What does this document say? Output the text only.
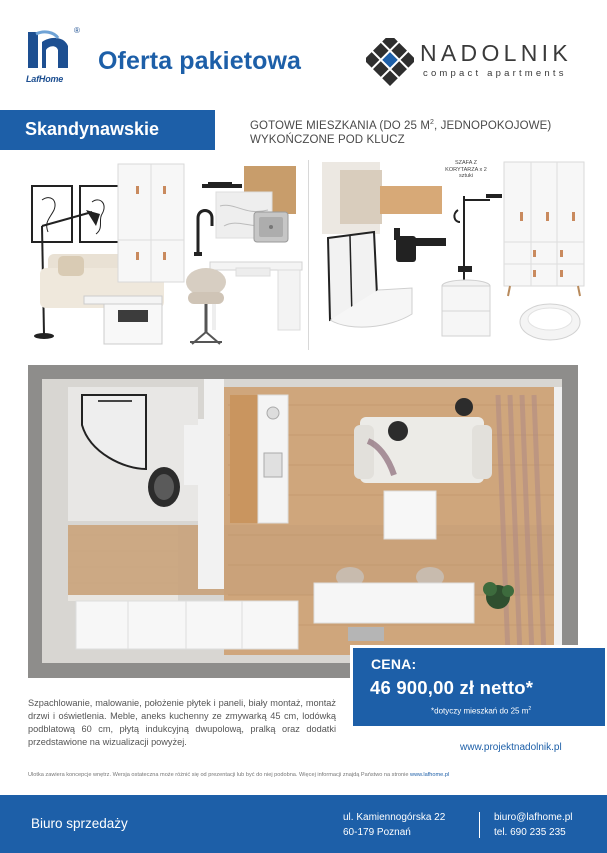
®
LafHome
Oferta pakietowa	NADOLNIK
compact apartments
Skandynawskie	GOTOWE MIESZKANIA (DO 25 $M^2$, JEDNOPOKOJOWE)
WYKOŃCZONE POD KLUCZ
SZAFA Z KORYTARZA x 2 sztuki
CENA:
46 900,00 zł netto*
*dotyczy mieszkań do 25 $m^2$
Szpachlowanie, malowanie, położenie płytek i paneli, biały montaż, montaż drzwi i oświetlenia. Meble, aneks kuchenny ze zmywarką 45 cm, lodówką podblatową 60 cm, płytą indukcyjną dwupolową, pralką oraz dodatki przedstawione na wizualizacji powyżej.	www.projektnadolnik.pl
Ulotka zawiera koncepcje wnętrz. Wersja ostateczna może różnić się od prezentacji lub być do niej podobna. Więcej informacji znajdą Państwo na stronie www.lafhome.pl
Biuro sprzedaży	ul. Kamiennogórska 22
60-179 Poznań
biuro@lafhome.pl
tel. 690 235 235
